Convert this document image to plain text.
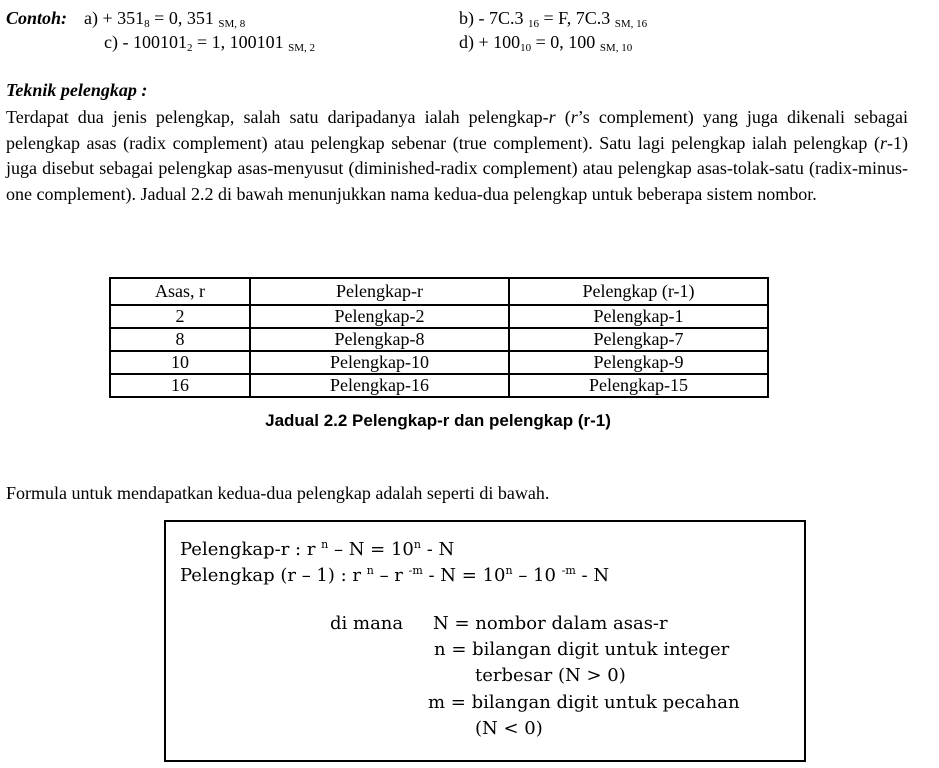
Contoh: $a) + 351_8 = 0$, 351 $_{SM, 8}$	b) - 7C.3 $_{16}$ = F, 7C.3 $_{SM, 16}$
$c) - 100101_2 = 1$, 100101 $_{SM, 2}$	$d) + 100_{10} = 0$, 100 $_{SM, 10}$
Teknik pelengkap :

Terdapat dua jenis pelengkap, salah satu daripadanya ialah pelengkap-r (r’s complement) yang juga dikenali sebagai pelengkap asas (radix complement) atau pelengkap sebenar (true complement). Satu lagi pelengkap ialah pelengkap (r-1) juga disebut sebagai pelengkap asas-menyusut (diminished-radix complement) atau pelengkap asas-tolak-satu (radix-minus-one complement). Jadual 2.2 di bawah menunjukkan nama kedua-dua pelengkap untuk beberapa sistem nombor.

Asas, r	Pelengkap-r	Pelengkap (r-1)
2	Pelengkap-2	Pelengkap-1
8	Pelengkap-8	Pelengkap-7
10	Pelengkap-10	Pelengkap-9
16	Pelengkap-16	Pelengkap-15
Jadual 2.2 Pelengkap-r dan pelengkap (r-1)
Formula untuk mendapatkan kedua-dua pelengkap adalah seperti di bawah.
Pelengkap-r : r $^n - N = 10^n - N$
Pelengkap (r – 1) : r $^n$ – r $^{-m} - N = 10^n - 10$ $^{-m}$ - N
di mana N = nombor dalam asas-r
n = bilangan digit untuk integer
terbesar (N > 0)
m = bilangan digit untuk pecahan
(N < 0)
